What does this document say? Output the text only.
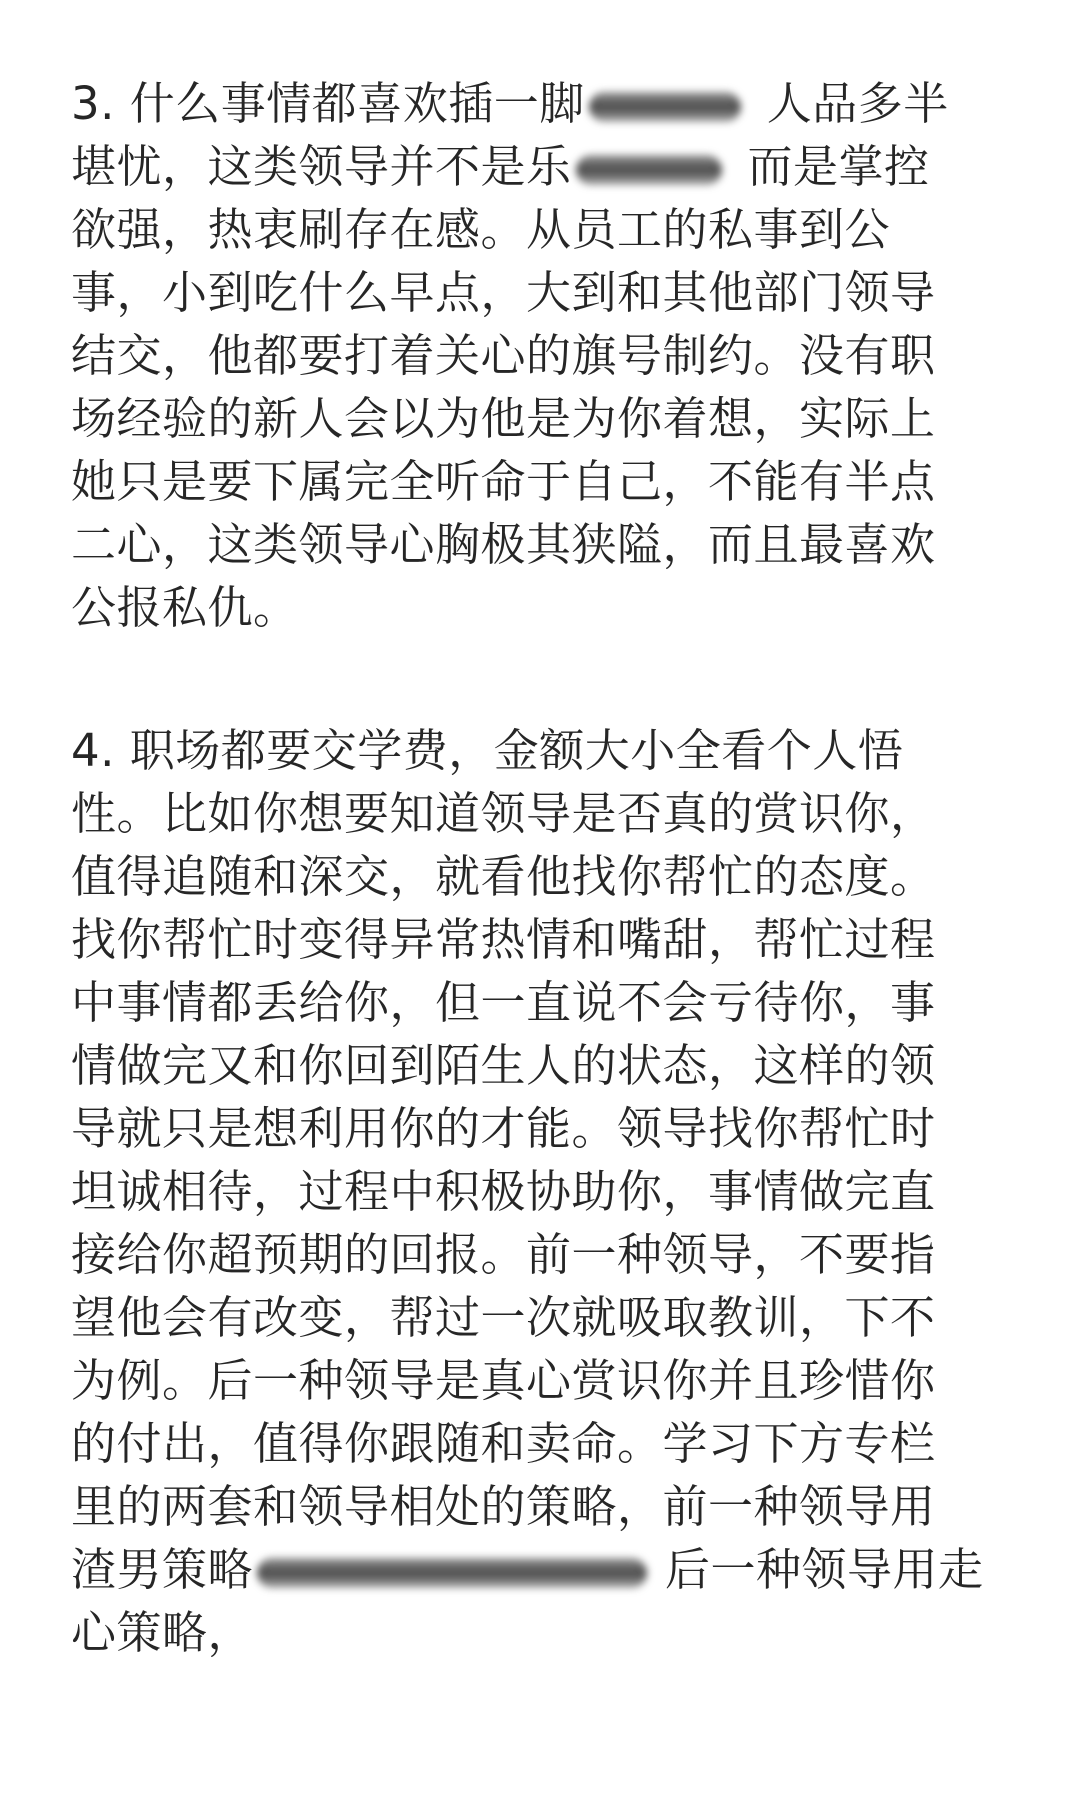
3. 什么事情都喜欢插一脚	人品多半
堪忧，这类领导并不是乐	而是掌控
欲强，热衷刷存在感。从员工的私事到公
事，小到吃什么早点，大到和其他部门领导
结交，他都要打着关心的旗号制约。没有职
场经验的新人会以为他是为你着想，实际上
她只是要下属完全听命于自己，不能有半点
二心，这类领导心胸极其狭隘，而且最喜欢
公报私仇。
4. 职场都要交学费，金额大小全看个人悟
性。比如你想要知道领导是否真的赏识你，
值得追随和深交，就看他找你帮忙的态度。
找你帮忙时变得异常热情和嘴甜，帮忙过程
中事情都丢给你，但一直说不会亏待你，事
情做完又和你回到陌生人的状态，这样的领
导就只是想利用你的才能。领导找你帮忙时
坦诚相待，过程中积极协助你，事情做完直
接给你超预期的回报。前一种领导，不要指
望他会有改变，帮过一次就吸取教训，下不
为例。后一种领导是真心赏识你并且珍惜你
的付出，值得你跟随和卖命。学习下方专栏
里的两套和领导相处的策略，前一种领导用
渣男策略	后一种领导用走
心策略，
